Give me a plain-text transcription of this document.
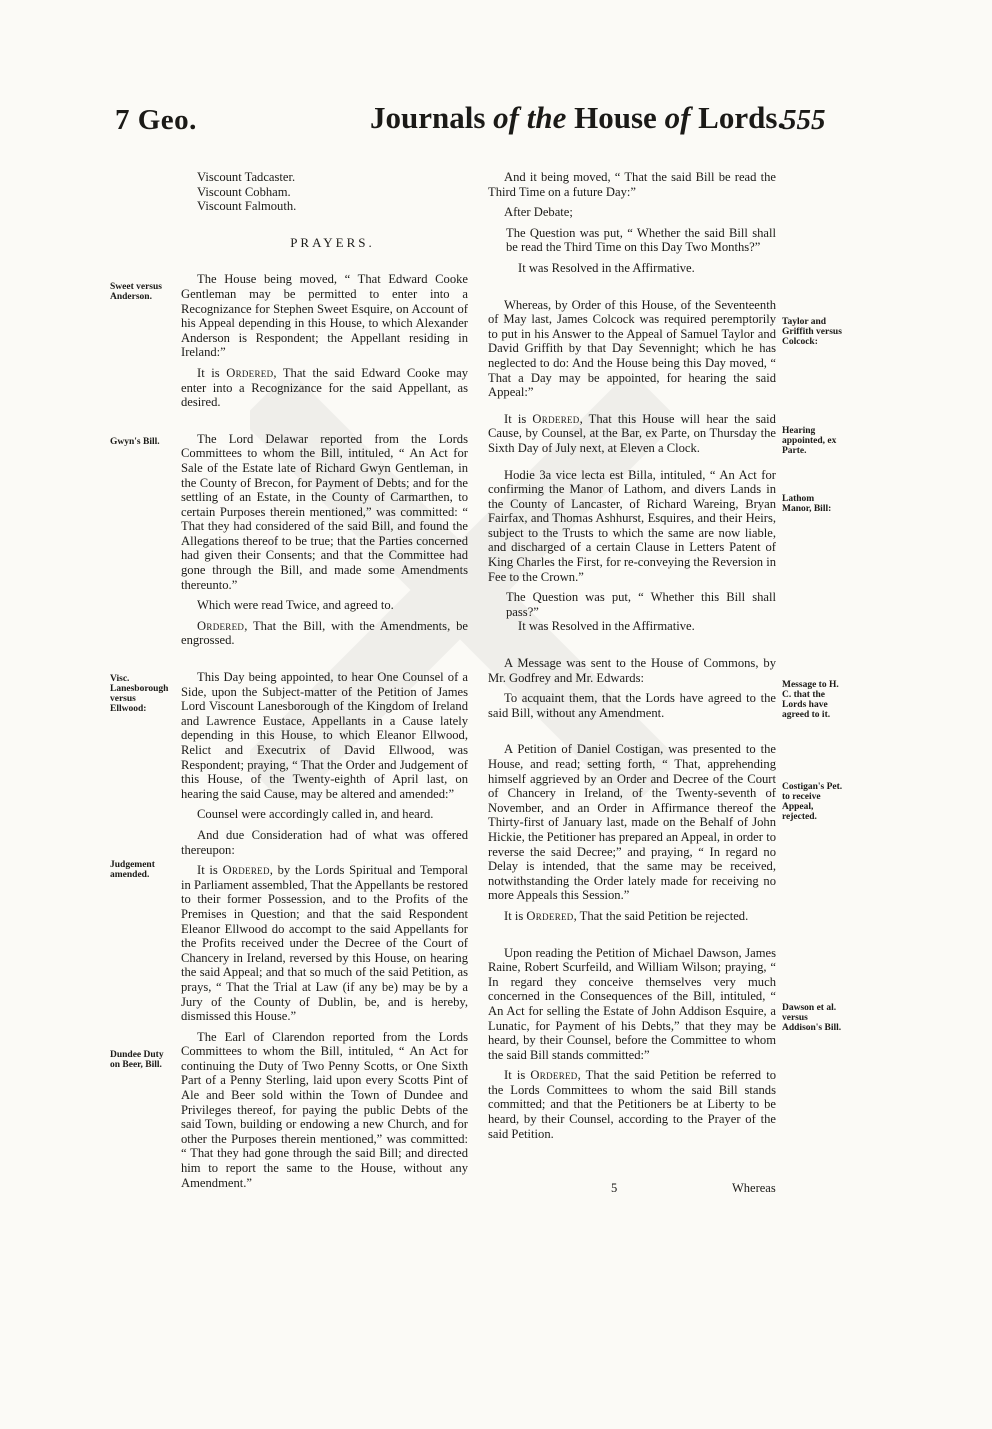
7 Geo.	Journals of the House of Lords.
555
Sweet versus Anderson.
Gwyn's Bill.
Visc. Lanesborough versus Ellwood:
Judgement amended.
Dundee Duty on Beer, Bill.
Taylor and Griffith versus Colcock:
Hearing appointed, ex Parte.
Lathom Manor, Bill:
Message to H. C. that the Lords have agreed to it.
Costigan's Pet. to receive Appeal, rejected.
Dawson et al. versus Addison's Bill.

Viscount Tadcaster.

Viscount Cobham.

Viscount Falmouth.

PRAYERS.

The House being moved, “ That Edward Cooke Gentleman may be permitted to enter into a Recognizance for Stephen Sweet Esquire, on Account of his Appeal depending in this House, to which Alexander Anderson is Respondent; the Appellant residing in Ireland:”

It is Ordered, That the said Edward Cooke may enter into a Recognizance for the said Appellant, as desired.

The Lord Delawar reported from the Lords Committees to whom the Bill, intituled, “ An Act for Sale of the Estate late of Richard Gwyn Gentleman, in the County of Brecon, for Payment of Debts; and for the settling of an Estate, in the County of Carmarthen, to certain Purposes therein mentioned,” was committed: “ That they had considered of the said Bill, and found the Allegations thereof to be true; that the Parties concerned had given their Consents; and that the Committee had gone through the Bill, and made some Amendments thereunto.”

Which were read Twice, and agreed to.

Ordered, That the Bill, with the Amendments, be engrossed.

This Day being appointed, to hear One Counsel of a Side, upon the Subject-matter of the Petition of James Lord Viscount Lanesborough of the Kingdom of Ireland and Lawrence Eustace, Appellants in a Cause lately depending in this House, to which Eleanor Ellwood, Relict and Executrix of David Ellwood, was Respondent; praying, “ That the Order and Judgement of this House, of the Twenty-eighth of April last, on hearing the said Cause, may be altered and amended:”

Counsel were accordingly called in, and heard.

And due Consideration had of what was offered thereupon:

It is Ordered, by the Lords Spiritual and Temporal in Parliament assembled, That the Appellants be restored to their former Possession, and to the Profits of the Premises in Question; and that the said Respondent Eleanor Ellwood do accompt to the said Appellants for the Profits received under the Decree of the Court of Chancery in Ireland, reversed by this House, on hearing the said Appeal; and that so much of the said Petition, as prays, “ That the Trial at Law (if any be) may be by a Jury of the County of Dublin, be, and is hereby, dismissed this House.”

The Earl of Clarendon reported from the Lords Committees to whom the Bill, intituled, “ An Act for continuing the Duty of Two Penny Scotts, or One Sixth Part of a Penny Sterling, laid upon every Scotts Pint of Ale and Beer sold within the Town of Dundee and Privileges thereof, for paying the public Debts of the said Town, building or endowing a new Church, and for other the Purposes therein mentioned,” was committed: “ That they had gone through the said Bill; and directed him to report the same to the House, without any Amendment.”

And it being moved, “ That the said Bill be read the Third Time on a future Day:”

After Debate;

The Question was put, “ Whether the said Bill shall be read the Third Time on this Day Two Months?”

It was Resolved in the Affirmative.

Whereas, by Order of this House, of the Seventeenth of May last, James Colcock was required peremptorily to put in his Answer to the Appeal of Samuel Taylor and David Griffith by that Day Sevennight; which he has neglected to do: And the House being this Day moved, “ That a Day may be appointed, for hearing the said Appeal:”

It is Ordered, That this House will hear the said Cause, by Counsel, at the Bar, ex Parte, on Thursday the Sixth Day of July next, at Eleven a Clock.

Hodie 3a vice lecta est Billa, intituled, “ An Act for confirming the Manor of Lathom, and divers Lands in the County of Lancaster, of Richard Wareing, Bryan Fairfax, and Thomas Ashhurst, Esquires, and their Heirs, subject to the Trusts to which the same are now liable, and discharged of a certain Clause in Letters Patent of King Charles the First, for re-conveying the Reversion in Fee to the Crown.”

The Question was put, “ Whether this Bill shall pass?”

It was Resolved in the Affirmative.

A Message was sent to the House of Commons, by Mr. Godfrey and Mr. Edwards:

To acquaint them, that the Lords have agreed to the said Bill, without any Amendment.

A Petition of Daniel Costigan, was presented to the House, and read; setting forth, “ That, apprehending himself aggrieved by an Order and Decree of the Court of Chancery in Ireland, of the Twenty-seventh of November, and an Order in Affirmance thereof the Thirty-first of January last, made on the Behalf of John Hickie, the Petitioner has prepared an Appeal, in order to reverse the said Decree;” and praying, “ In regard no Delay is intended, that the same may be received, notwithstanding the Order lately made for receiving no more Appeals this Session.”

It is Ordered, That the said Petition be rejected.

Upon reading the Petition of Michael Dawson, James Raine, Robert Scurfeild, and William Wilson; praying, “ In regard they conceive themselves very much concerned in the Consequences of the Bill, intituled, “ An Act for selling the Estate of John Addison Esquire, a Lunatic, for Payment of his Debts,” that they may be heard, by their Counsel, before the Committee to whom the said Bill stands committed:”

It is Ordered, That the said Petition be referred to the Lords Committees to whom the said Bill stands committed; and that the Petitioners be at Liberty to be heard, by their Counsel, according to the Prayer of the said Petition.

5	Whereas
